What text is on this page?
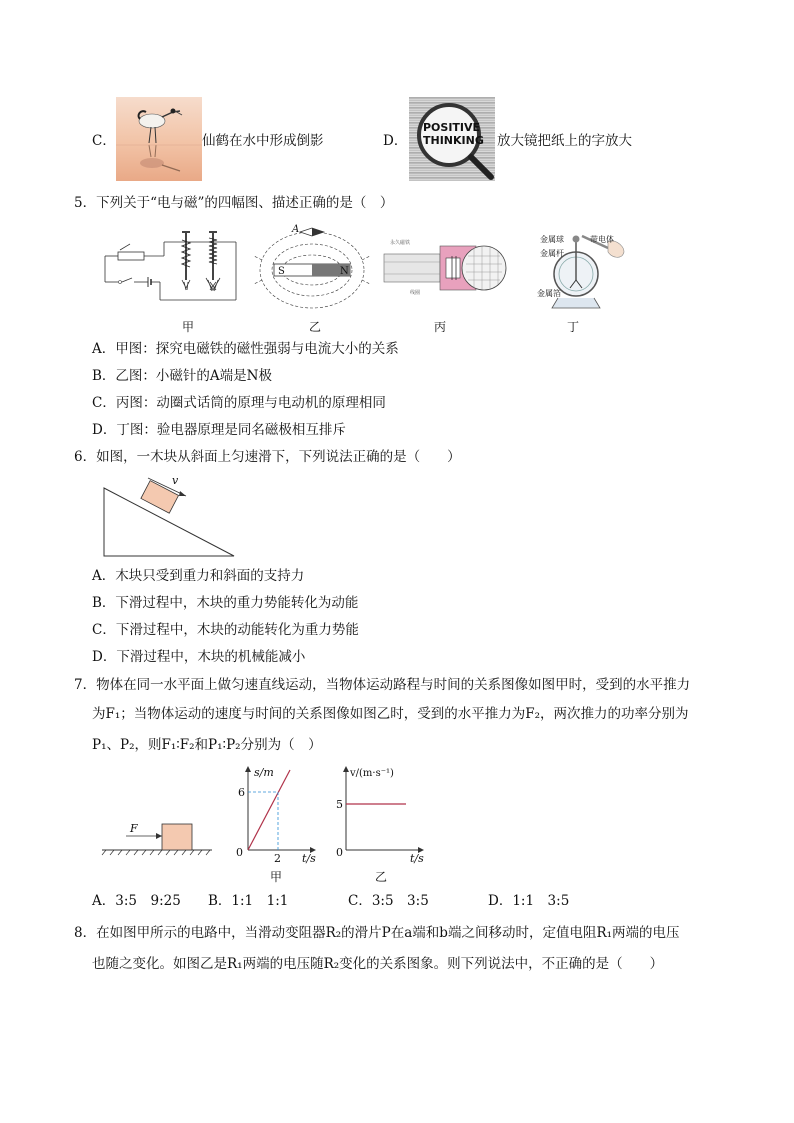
C．	仙鹤在水中形成倒影	D．
POSITIVE
THINKING 放大镜把纸上的字放大
5．下列关于“电与磁”的四幅图、描述正确的是（　）
S	N
A
永久磁铁
线圈
金属球	带电体
金属杆
金属箔
甲	乙	丙	丁
A．甲图：探究电磁铁的磁性强弱与电流大小的关系
B．乙图：小磁针的A端是N极
C．丙图：动圈式话筒的原理与电动机的原理相同
D．丁图：验电器原理是同名磁极相互排斥
6．如图，一木块从斜面上匀速滑下，下列说法正确的是（　　）
v
A．木块只受到重力和斜面的支持力
B．下滑过程中，木块的重力势能转化为动能
C．下滑过程中，木块的动能转化为重力势能
D．下滑过程中，木块的机械能减小
7．物体在同一水平面上做匀速直线运动，当物体运动路程与时间的关系图像如图甲时，受到的水平推力
为F₁；当物体运动的速度与时间的关系图像如图乙时，受到的水平推力为F₂，两次推力的功率分别为
P₁、P₂，则F₁∶F₂和P₁∶P₂分别为（　）
F
s/m
6
2
0	t/s
甲
v/(m·s⁻¹)
5
0	t/s
乙
A．3:5　9:25 B．1:1　1:1	C．3:5　3:5	D．1:1　3:5
8．在如图甲所示的电路中，当滑动变阻器R₂的滑片P在a端和b端之间移动时，定值电阻R₁两端的电压
也随之变化。如图乙是R₁两端的电压随R₂变化的关系图象。则下列说法中，不正确的是（　　）
